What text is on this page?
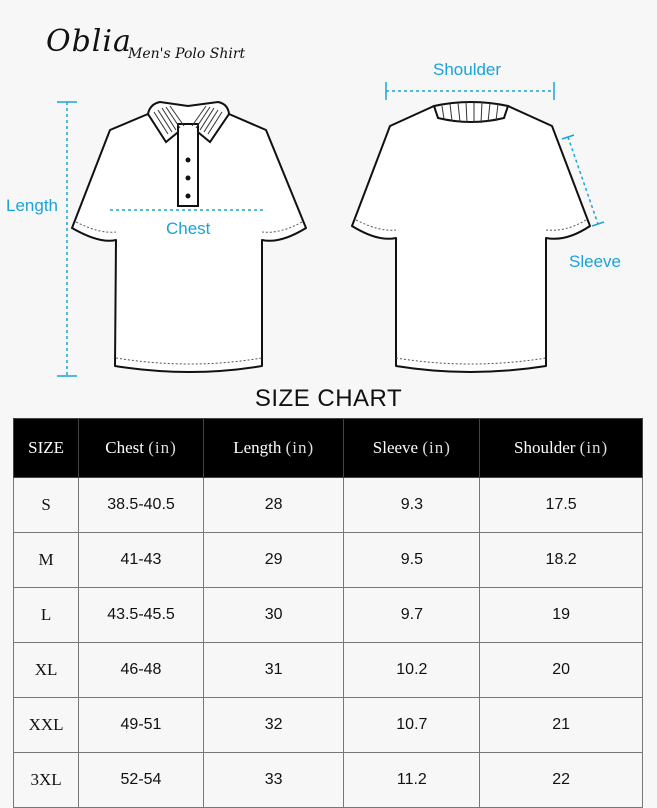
Oblia
Men's Polo Shirt
Length
Chest
Shoulder
Sleeve
SIZE CHART
SIZE	Chest (in)	Length (in)	Sleeve (in)	Shoulder (in)
S	38.5-40.5	28	9.3	17.5
M	41-43	29	9.5	18.2
L	43.5-45.5	30	9.7	19
XL	46-48	31	10.2	20
XXL	49-51	32	10.7	21
3XL	52-54	33	11.2	22
